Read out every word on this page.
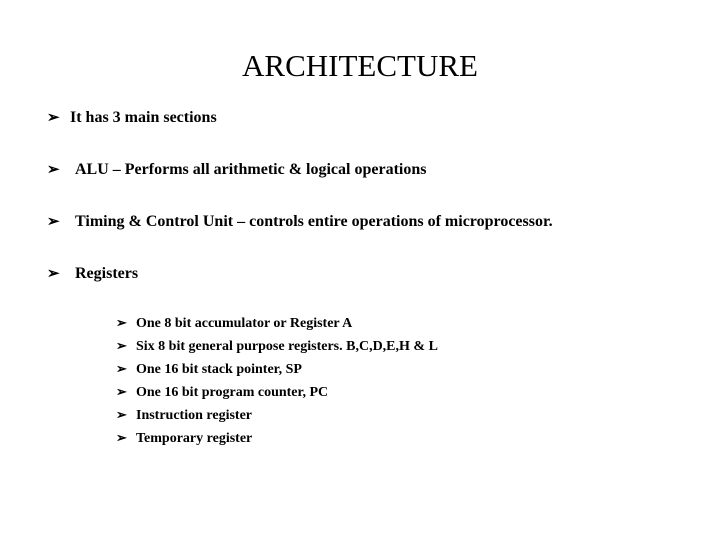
ARCHITECTURE
➢ It has 3 main sections
➢ ALU – Performs all arithmetic & logical operations
➢ Timing & Control Unit – controls entire operations of microprocessor.
➢ Registers
➢ One 8 bit accumulator or Register A
➢ Six 8 bit general purpose registers. B,C,D,E,H & L
➢ One 16 bit stack pointer, SP
➢ One 16 bit program counter, PC
➢ Instruction register
➢ Temporary register
